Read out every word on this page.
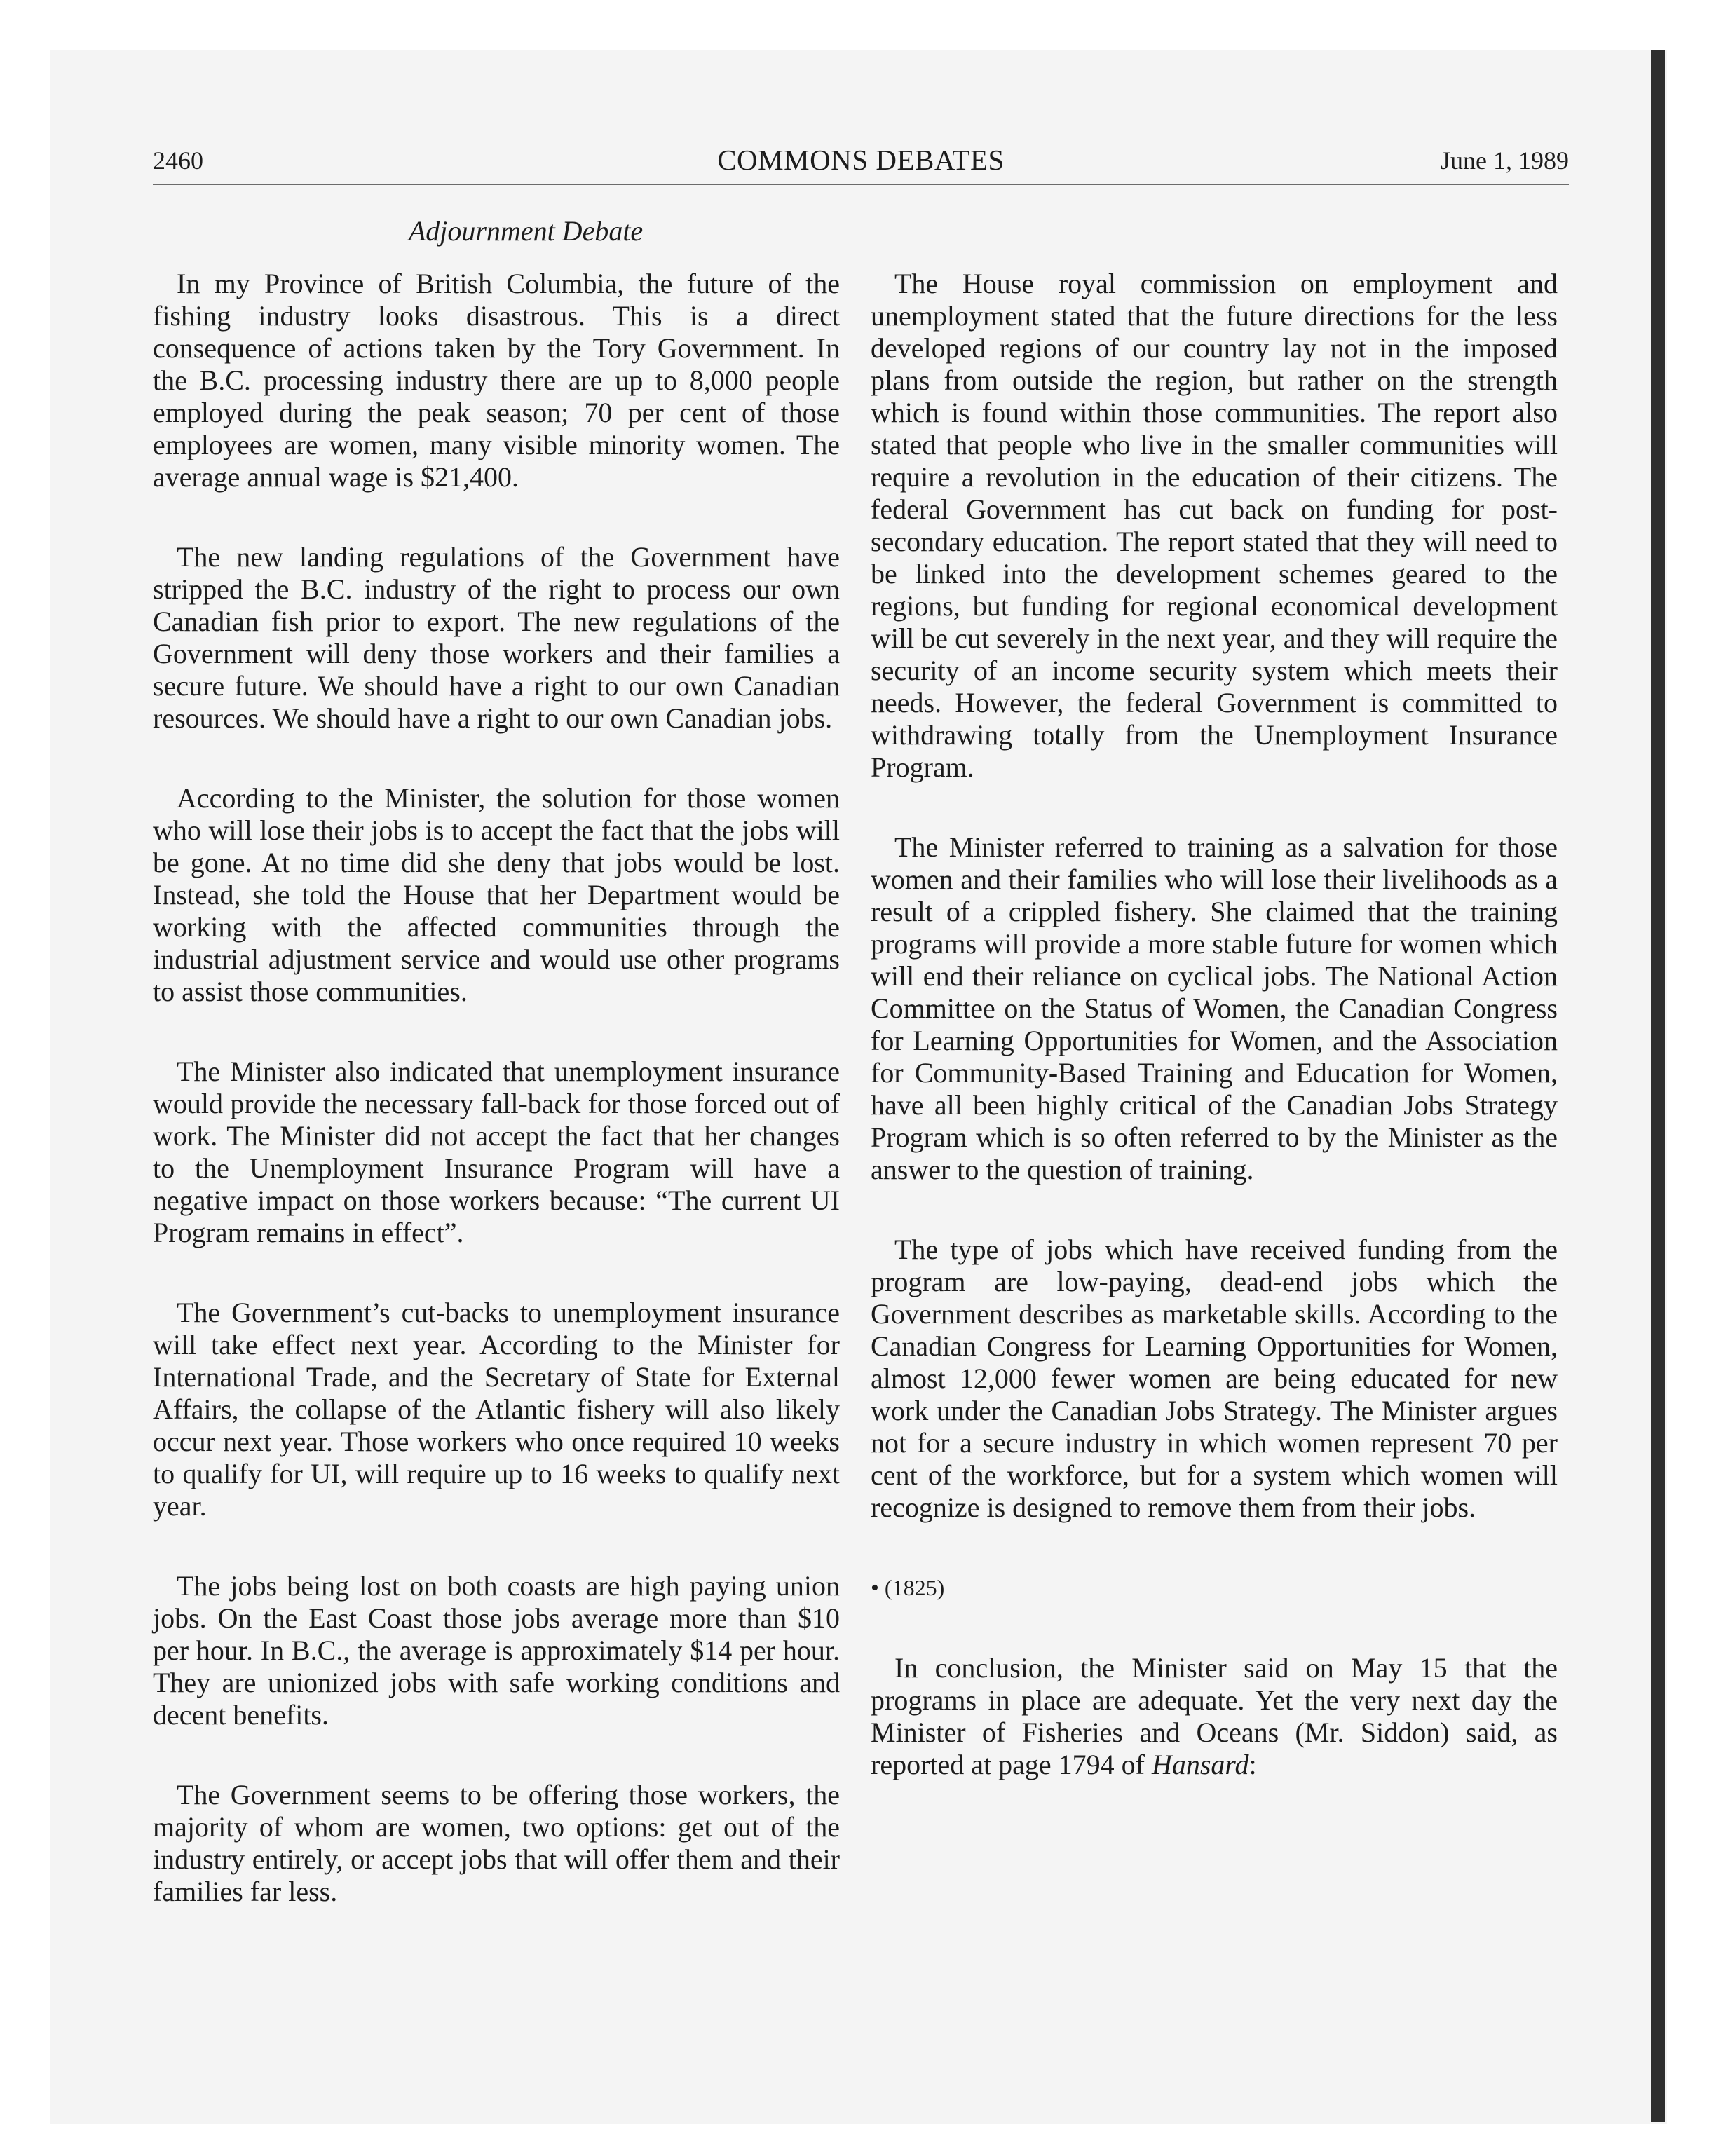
2460	COMMONS DEBATES	June 1, 1989
Adjournment Debate

In my Province of British Columbia, the future of the fishing industry looks disastrous. This is a direct consequence of actions taken by the Tory Government. In the B.C. processing industry there are up to 8,000 people employed during the peak season; 70 per cent of those employees are women, many visible minority women. The average annual wage is $21,400.

The new landing regulations of the Government have stripped the B.C. industry of the right to process our own Canadian fish prior to export. The new regulations of the Government will deny those workers and their families a secure future. We should have a right to our own Canadian resources. We should have a right to our own Canadian jobs.

According to the Minister, the solution for those women who will lose their jobs is to accept the fact that the jobs will be gone. At no time did she deny that jobs would be lost. Instead, she told the House that her Department would be working with the affected communities through the industrial adjustment service and would use other programs to assist those communities.

The Minister also indicated that unemployment insurance would provide the necessary fall-back for those forced out of work. The Minister did not accept the fact that her changes to the Unemployment Insurance Program will have a negative impact on those workers because: “The current UI Program remains in effect”.

The Government’s cut-backs to unemployment insurance will take effect next year. According to the Minister for International Trade, and the Secretary of State for External Affairs, the collapse of the Atlantic fishery will also likely occur next year. Those workers who once required 10 weeks to qualify for UI, will require up to 16 weeks to qualify next year.

The jobs being lost on both coasts are high paying union jobs. On the East Coast those jobs average more than $10 per hour. In B.C., the average is approximately $14 per hour. They are unionized jobs with safe working conditions and decent benefits.

The Government seems to be offering those workers, the majority of whom are women, two options: get out of the industry entirely, or accept jobs that will offer them and their families far less.

The House royal commission on employment and unemployment stated that the future directions for the less developed regions of our country lay not in the imposed plans from outside the region, but rather on the strength which is found within those communities. The report also stated that people who live in the smaller communities will require a revolution in the education of their citizens. The federal Government has cut back on funding for post-secondary education. The report stated that they will need to be linked into the development schemes geared to the regions, but funding for regional economical development will be cut severely in the next year, and they will require the security of an income security system which meets their needs. However, the federal Government is committed to withdrawing totally from the Unemployment Insurance Program.

The Minister referred to training as a salvation for those women and their families who will lose their livelihoods as a result of a crippled fishery. She claimed that the training programs will provide a more stable future for women which will end their reliance on cyclical jobs. The National Action Committee on the Status of Women, the Canadian Congress for Learning Opportunities for Women, and the Association for Community-Based Training and Education for Women, have all been highly critical of the Canadian Jobs Strategy Program which is so often referred to by the Minister as the answer to the question of training.

The type of jobs which have received funding from the program are low-paying, dead-end jobs which the Government describes as marketable skills. According to the Canadian Congress for Learning Opportunities for Women, almost 12,000 fewer women are being educated for new work under the Canadian Jobs Strategy. The Minister argues not for a secure industry in which women represent 70 per cent of the workforce, but for a system which women will recognize is designed to remove them from their jobs.

• (1825)

In conclusion, the Minister said on May 15 that the programs in place are adequate. Yet the very next day the Minister of Fisheries and Oceans (Mr. Siddon) said, as reported at page 1794 of Hansard:
